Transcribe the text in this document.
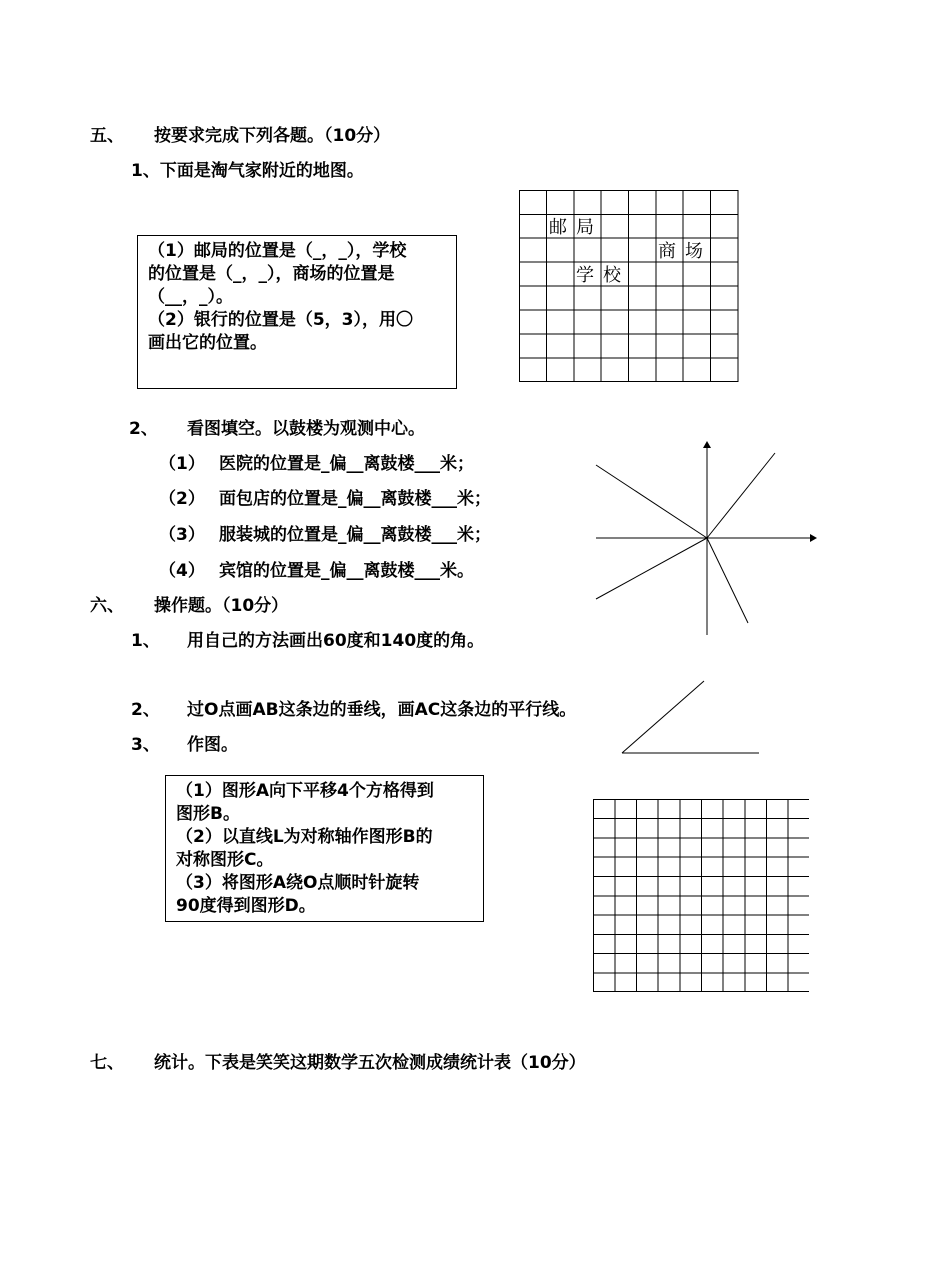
五、 按要求完成下列各题。（10分）
1、下面是淘气家附近的地图。

（1）邮局的位置是（_，_），学校

的位置是（_，_），商场的位置是

（__，_）。

（2）银行的位置是（5，3），用〇

画出它的位置。

邮 局
商 场
学 校
2、 看图填空。以鼓楼为观测中心。
（1） 医院的位置是_偏__离鼓楼___米；
（2） 面包店的位置是_偏__离鼓楼___米；
（3） 服装城的位置是_偏__离鼓楼___米；
（4） 宾馆的位置是_偏__离鼓楼___米。
六、 操作题。（10分）
1、 用自己的方法画出60度和140度的角。
2、 过O点画AB这条边的垂线，画AC这条边的平行线。
3、 作图。

（1）图形A向下平移4个方格得到

图形B。

（2）以直线L为对称轴作图形B的

对称图形C。

（3）将图形A绕O点顺时针旋转

90度得到图形D。

七、 统计。下表是笑笑这期数学五次检测成绩统计表（10分）
